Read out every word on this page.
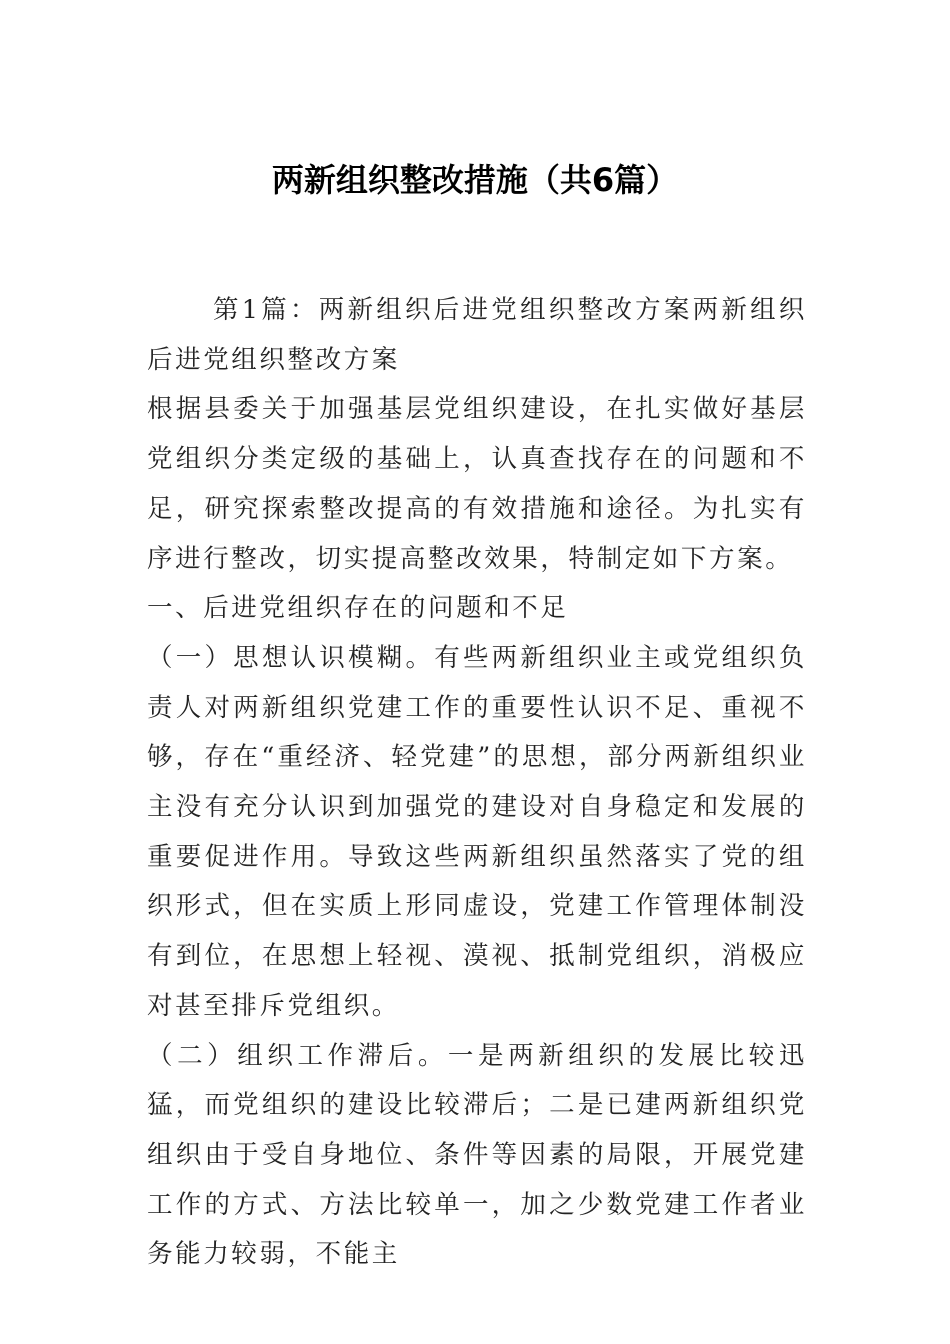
两新组织整改措施（共6篇）

第1篇：两新组织后进党组织整改方案两新组织后进党组织整改方案

根据县委关于加强基层党组织建设，在扎实做好基层党组织分类定级的基础上，认真查找存在的问题和不足，研究探索整改提高的有效措施和途径。为扎实有序进行整改，切实提高整改效果，特制定如下方案。

一、后进党组织存在的问题和不足

（一）思想认识模糊。有些两新组织业主或党组织负责人对两新组织党建工作的重要性认识不足、重视不够，存在“重经济、轻党建”的思想，部分两新组织业主没有充分认识到加强党的建设对自身稳定和发展的重要促进作用。导致这些两新组织虽然落实了党的组织形式，但在实质上形同虚设，党建工作管理体制没有到位，在思想上轻视、漠视、抵制党组织，消极应对甚至排斥党组织。

（二）组织工作滞后。一是两新组织的发展比较迅猛，而党组织的建设比较滞后；二是已建两新组织党组织由于受自身地位、条件等因素的局限，开展党建工作的方式、方法比较单一，加之少数党建工作者业务能力较弱，不能主
